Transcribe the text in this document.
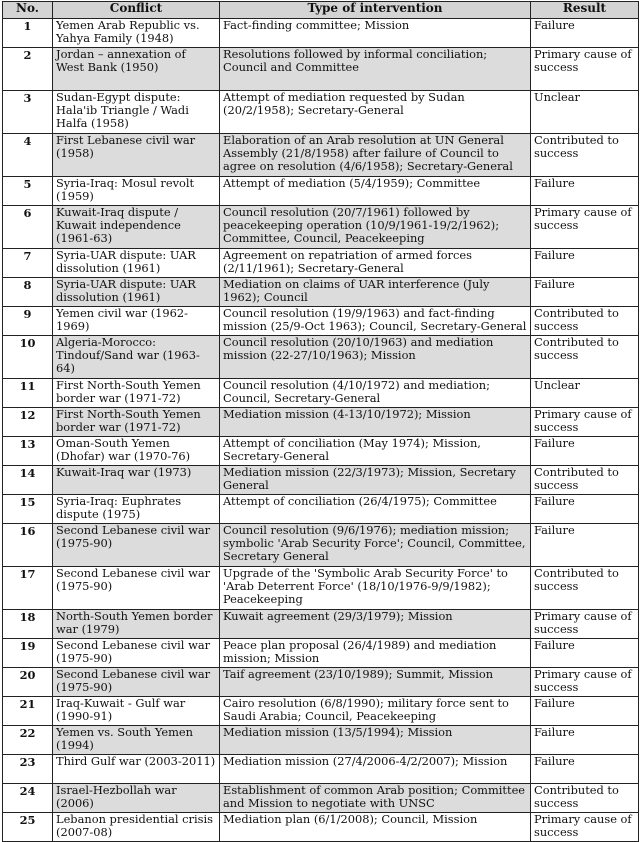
No.	Conflict	Type of intervention	Result
1	Yemen Arab Republic vs. Yahya Family (1948)	Fact-finding committee; Mission	Failure
2	Jordan – annexation of West Bank (1950)	Resolutions followed by informal conciliation; Council and Committee	Primary cause of success
3	Sudan-Egypt dispute: Hala'ib Triangle / Wadi Halfa (1958)	Attempt of mediation requested by Sudan (20/2/1958); Secretary-General	Unclear
4	First Lebanese civil war (1958)	Elaboration of an Arab resolution at UN General Assembly (21/8/1958) after failure of Council to agree on resolution (4/6/1958); Secretary-General	Contributed to success
5	Syria-Iraq: Mosul revolt (1959)	Attempt of mediation (5/4/1959); Committee	Failure
6	Kuwait-Iraq dispute / Kuwait independence (1961-63)	Council resolution (20/7/1961) followed by peacekeeping operation (10/9/1961-19/2/1962); Committee, Council, Peacekeeping	Primary cause of success
7	Syria-UAR dispute: UAR dissolution (1961)	Agreement on repatriation of armed forces (2/11/1961); Secretary-General	Failure
8	Syria-UAR dispute: UAR dissolution (1961)	Mediation on claims of UAR interference (July 1962); Council	Failure
9	Yemen civil war (1962-1969)	Council resolution (19/9/1963) and fact-finding mission (25/9-Oct 1963); Council, Secretary-General	Contributed to success
10	Algeria-Morocco: Tindouf/Sand war (1963-64)	Council resolution (20/10/1963) and mediation mission (22-27/10/1963); Mission	Contributed to success
11	First North-South Yemen border war (1971-72)	Council resolution (4/10/1972) and mediation; Council, Secretary-General	Unclear
12	First North-South Yemen border war (1971-72)	Mediation mission (4-13/10/1972); Mission	Primary cause of success
13	Oman-South Yemen (Dhofar) war (1970-76)	Attempt of conciliation (May 1974); Mission, Secretary-General	Failure
14	Kuwait-Iraq war (1973)	Mediation mission (22/3/1973); Mission, Secretary General	Contributed to success
15	Syria-Iraq: Euphrates dispute (1975)	Attempt of conciliation (26/4/1975); Committee	Failure
16	Second Lebanese civil war (1975-90)	Council resolution (9/6/1976); mediation mission; symbolic 'Arab Security Force'; Council, Committee, Secretary General	Failure
17	Second Lebanese civil war (1975-90)	Upgrade of the 'Symbolic Arab Security Force' to 'Arab Deterrent Force' (18/10/1976-9/9/1982); Peacekeeping	Contributed to success
18	North-South Yemen border war (1979)	Kuwait agreement (29/3/1979); Mission	Primary cause of success
19	Second Lebanese civil war (1975-90)	Peace plan proposal (26/4/1989) and mediation mission; Mission	Failure
20	Second Lebanese civil war (1975-90)	Taif agreement (23/10/1989); Summit, Mission	Primary cause of success
21	Iraq-Kuwait - Gulf war (1990-91)	Cairo resolution (6/8/1990); military force sent to Saudi Arabia; Council, Peacekeeping	Failure
22	Yemen vs. South Yemen (1994)	Mediation mission (13/5/1994); Mission	Failure
23	Third Gulf war (2003-2011)	Mediation mission (27/4/2006-4/2/2007); Mission	Failure
24	Israel-Hezbollah war (2006)	Establishment of common Arab position; Committee and Mission to negotiate with UNSC	Contributed to success
25	Lebanon presidential crisis (2007-08)	Mediation plan (6/1/2008); Council, Mission	Primary cause of success
